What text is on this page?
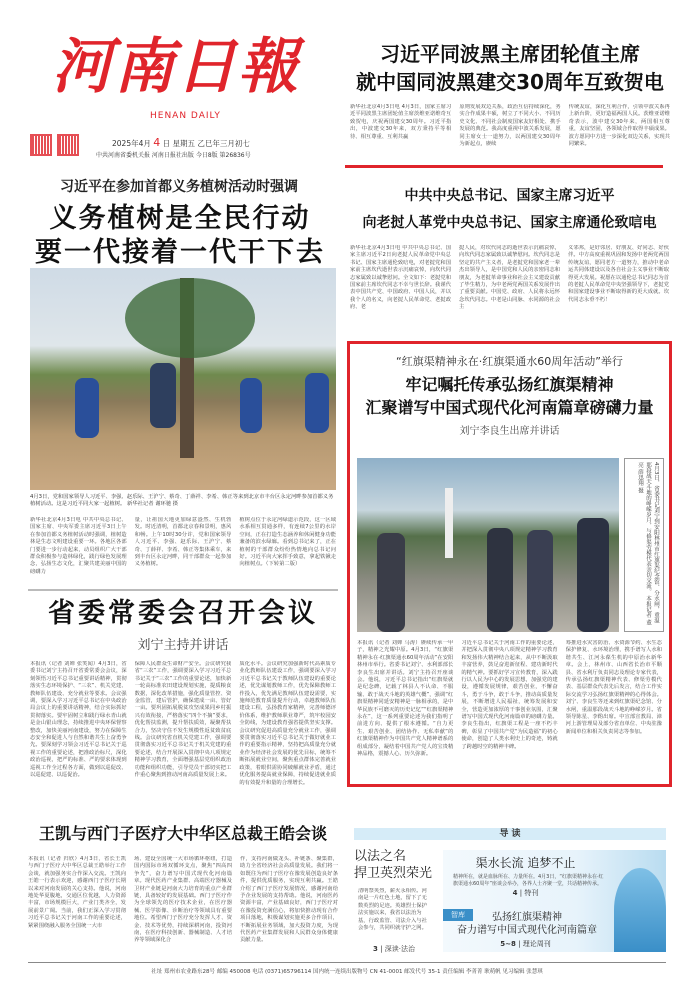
河南日報
HENAN DAILY
2025年4月 4 日 星期五 乙巳年三月初七
中共河南省委机关报 河南日报社出版 今日8版 第26836号
习近平同波黑主席团轮值主席
就中国同波黑建交30周年互致贺电

新华社北京4月3日电 4月3日，国家主席习近平同波黑主席团轮值主席茨维亚诺维奇互致贺电，庆祝两国建交30周年。习近平指出，中波建交30年来，双方秉持平等相待、相互尊重、互利共赢

原则发展双边关系，政治互信持续深化，务实合作成果丰硕，树立了不同大小、不同历史文化、不同社会制度国家友好相处、携手发展的典范。我高度重视中波关系发展，愿同主席女士一道努力，以两国建交30周年为新起点，赓续

传统友谊，深化互利合作，引领中波关系再上新台阶，更好造福两国人民。茨维亚诺维奇表示，波中建交30年来，两国相互尊重，友谊坚固，各领域合作取得丰硕成果。波方愿同中方进一步深化双边关系，实现共同繁荣。

习近平在参加首都义务植树活动时强调
义务植树是全民行动
要一代接着一代干下去
4月3日，党和国家领导人习近平、李强、赵乐际、王沪宁、蔡奇、丁薛祥、李希、韩正等来到北京市丰台区永定河畔参加首都义务植树活动。这是习近平同大家一起植树。 新华社记者 谢环驰 摄

新华社北京4月3日电 中共中央总书记、国家主席、中央军委主席习近平3日上午在参加首都义务植树活动时强调，植树造林是生态文明建设重要一环。各地区各部门要进一步行动起来，动员组织广大干部群众积极参与造林绿化，践行绿色发展理念，弘扬生态文化，汇聚共建美丽中国的磅礴力

量，让祖国大地更加绿意盎然、生机勃发。时近清明，首都北京春和景明，惠风和畅。上午10时30分许，党和国家领导人习近平、李强、赵乐际、王沪宁、蔡奇、丁薛祥、李希、韩正等集体乘车，来到丰台区永定河畔，同干部群众一起参加义务植树。

植树点位于永定河绿道示范段，这一区域水系相互贯通多样，有连续7公里的水岸空间，正在打造生态涵养和休闲健身功能兼备的滨水绿廊。看到总书记来了，正在植树的干部群众纷纷热情地向总书记问好。习近平向大家挥手致意，拿起铁锹走向植树点。（下转第二版）

省委常委会召开会议
刘宁主持并讲话

本报讯（记者 刘婵 张笑闻）4月3日，省委书记刘宁主持召开省委常委会会议，深刻领悟习近平总书记重要讲话精神，贯彻落实生态环境保护、“三农”、机关党建、教师队伍建设、充分就业等要求。会议强调，要深入学习习近平总书记在中央政治局会议上的重要讲话精神，结合实际抓好贯彻落实。要牢固树立和践行绿水青山就是金山银山理念，持续推进中央环保督察整改，加快美丽河南建设，努力在保障生态安全和促进人与自然和谐共生上奋勇争先。要深刻学习领会习近平总书记关于巡视工作的重要论述，把准政治标尺，深化政治巡视，把严的标准、严的要求体现到巡视工作全过程各方面，做到以巡促改、以巡促建、以巡促治。

保障人民群众生命财产安全。会议研究我省“三农”工作，强调要深入学习习近平总书记关于“三农”工作的重要论述，加快新一轮高标准农田建设规划实施，提质粮食数据，深化改革措施，强化质量管控、资金监管，建后管护，确保建成一亩、管好一亩。要巩固拓展脱贫攻坚成果同乡村振兴有效衔接，严格落实“四个不摘”要求，优化帮扶监测，提升帮扶质效，凝聚帮扶合力，坚决守住不发生规模性返贫致贫底线。会议研究省直机关党建工作，强调要贯彻落实习近平总书记关于机关党建的重要论述，结合开展深入贯彻中央八项规定精神学习教育，全面增强基层党组织政治功能和组织功能，引导党员干部切实把工作重心聚焦到推动河南高质量发展上来。

质化水平。会议研究加强新时代高素质专业化教师队伍建设工作，强调要深入学习习近平总书记关于教师队伍建设的重要论述，优先谋划教师工作，优先保障教师工作投入，优先满足教师队伍建设需要，实施师范教育质量提升行动，卓越教师队伍建设工程，弘扬教育家精神，完善师德评价体系，维护教师职业尊严，筑牢校园安全防线，为建设教育强省提供坚实支撑。会议研究促进高质量充分就业工作，强调要贯彻落实习近平总书记关于做好就业工作的重要指示精神，坚持把高质量充分就业作为经济社会发展的优先目标，统筹不断拓展就业空间，聚焦重点群体完善就业政策，着眼供需协同破解就业矛盾，通过优化服务提高就业保障，持续促进就业质的有效提升和量的合理增长。

王凯与西门子医疗大中华区总裁王皓会谈

本报讯（记者 归欣）4月3日，省长王凯与西门子医疗大中华区总裁王皓举行工作会谈，就加强务实合作深入交流。王凯向王皓一行表示欢迎，感谢西门子医疗长期以来对河南发展的关心支持。他说，河南地处华夏腹地，交通区位优越，人力资源丰富，市场规模巨大，产业门类齐全，发展前景广阔。当前，我们正深入学习贯彻习近平总书记关于河南工作的重要论述，紧紧围绕融入服务全国统一大市

场、建设全国统一大市场循环枢纽，打造国内国际市场双循环支点，聚焦“四高四争先”，奋力谱写中国式现代化河南篇章。现代医药产业集群、高端医疗器械及卫材产业链是河南大力培育的重点产业群链，具备较好的发展基础。西门子医疗作为全球领先的医疗技术企业，在医疗器械、医学影像、诊断治疗等领域具有重要地位。希望西门子医疗充分发挥人才、资金、技术等优势，持续深耕河南，投资河南，在医疗科技创新、器械制造、人才培养等领域深化合

作，支持河南做龙头、补链条、聚集群，助力全省经济社会高质量发展。我们将一如既往为西门子医疗在豫发展创造良好条件，提供优质服务，实现互利共赢。王皓介绍了西门子医疗发展情况，感谢河南给予企业发展的支持帮助。他说，河南医药资源丰富，产业基础良好，西门子医疗对在豫投资充满信心，将加快推动现有合作项目落地，积极谋划实施更多合作项目，不断拓展业务领域，加大投资力度，为现代医药产业集群发展和人民群众身体健康贡献力量。

中共中央总书记、国家主席习近平
向老挝人革党中央总书记、国家主席通伦致唁电

新华社北京4月3日电 中共中央总书记、国家主席习近平2日向老挝人民革命党中央总书记、国家主席通伦致唁电，对老挝党和国家前主席坎代逝世表示沉痛哀悼，向坎代同志家属致以诚挚慰问。全文如下：老挝党和国家前主席坎代同志不幸与世长辞。我谨代表中国共产党、中国政府、中国人民，并以我个人的名义，向老挝人民革命党、老挝政府、老

挝人民，对坎代同志的逝世表示沉痛哀悼，向坎代同志家属致以诚挚慰问。坎代同志是坚定的共产主义者，是老挝党和国家老一辈杰出领导人，是中国党和人民的亲密同志和朋友，为老挝革命事业和社会主义建设贡献了毕生精力，为中老两党两国关系发展作出了重要贡献。中国党、政府、人民将永远怀念坎代同志。中老是山同脉、水同源的社会主

义邻邦，是好邻居、好朋友、好同志、好伙伴。中方高度重视巩固和发扬中老两党两国传统友谊，愿同老方一道努力，推动中老命运共同体建设以及各自社会主义事业不断取得更大发展。祝愿在以通伦总书记同志为首的老挝人民革命党中央坚强领导下，老挝党和国家建设事业不断取得新的更大成就。坎代同志永垂不朽！

“红旗渠精神永在·红旗渠通水60周年活动”举行
牢记嘱托传承弘扬红旗渠精神
汇聚谱写中国式现代化河南篇章磅礴力量
刘宁李良生出席并讲话
4月3日，省委书记刘宁到安阳林州市红旗渠纪念馆、分水闸，重温那段战天斗地的峥嵘岁月，与修渠劳模代表亲切交流。 本报记者 董亮 薛迅翔 摄

本报讯（记者 刘婵 马涛）赓续传承一甲子，精神之光耀中原。4月3日，“红旗渠精神永在·红旗渠通水60周年活动”在安阳林州市举行。省委书记刘宁、水利部部长李良生出席并讲话。刘宁主持召开座谈会。他说，习近平总书记指出“红旗渠就是纪念碑，记载了林县人不认命、不服输、敢于战天斗地的英雄气概”，强调“红旗渠精神同延安精神是一脉相承的，是中华民族不可磨灭的历史记忆”“红旗渠精神永在”，这一系列重要论述为我们指明了前进方向、提供了根本遵循。“自力更生、艰苦创业、团结协作、无私奉献”的红旗渠精神作为中国共产党人精神谱系的组成部分，凝结着中国共产党人的宝贵精神品格，震撼人心、历久弥新。

习近平总书记关于河南工作的重要论述，并把深入贯彻中央八项规定精神学习教育和发扬伟大精神结合起来，从中不断汲取丰富营养，鼓足奋进新征程、建功新时代的精气神。要抓好学习宣传教育，深入践行以人民为中心的发展思想，加强党的建设，遵循发展规律，艰苦创业，不懈奋斗，勇于斗争，敢于斗争，推动高质量发展，不断增进人民福祉，统筹发展和安全，营造更加浓厚的干事创业氛围，汇聚谱写中国式现代化河南篇章的磅礴力量。李良生指出，红旗渠工程是一座不朽丰碑，彰显了中国共产党“为民造福”的初心使命，创造了人类水利史上的奇迹，铸就了跨越时空的精神丰碑。

筹推进水灾害防治、水资源节约、水生态保护修复、水环境治理，携手谱写人水和谐共生、江河永葆生机的中原治水新华章。会上，林州市、山西省长治市平顺县、省水利厅负责同志及理论专家代表，传承弘扬红旗渠精神代表、修渠劳模代表、基层群众代表先后发言，结合工作实际交流学习弘扬红旗渠精神的心得体会。刘宁、李良生等还来到红旗渠纪念馆、分水闸，重温那段战天斗地的峥嵘岁月。省领导陈星、李酌出席。中宣部宣教局、漳河上游管理局及部分省直单位、中央驻豫新闻单位和相关负责同志等参加。

导 读
以法之名
捍卫英烈荣光
清明祭英烈，薪火永相传。河南是一片红色土地，留下了无数英烈的足迹。英雄烈士保护法实施以来，我省以法治为基，行政监管、司法介入与社会参与，共同织就守护之网。
3 | 深读·法治
渠水长流 追梦不止
精神所在，就是血脉所在、力量所在。4月3日，“红旗渠精神永在·红旗渠通水60周年”座谈会举办，各界人士齐聚一堂，共话精神传承。
4 | 特刊
智库	弘扬红旗渠精神
奋力谱写中国式现代化河南篇章
5~8 | 理论周刊
社址 郑州市农业路东28号 邮编 450008 电话 (0371)65796114 国内统一连续出版物号 CN 41-0001 邮发代号 35-1 责任编辑 李菁菁 耿萌帆 见习编辑 张慧琪
